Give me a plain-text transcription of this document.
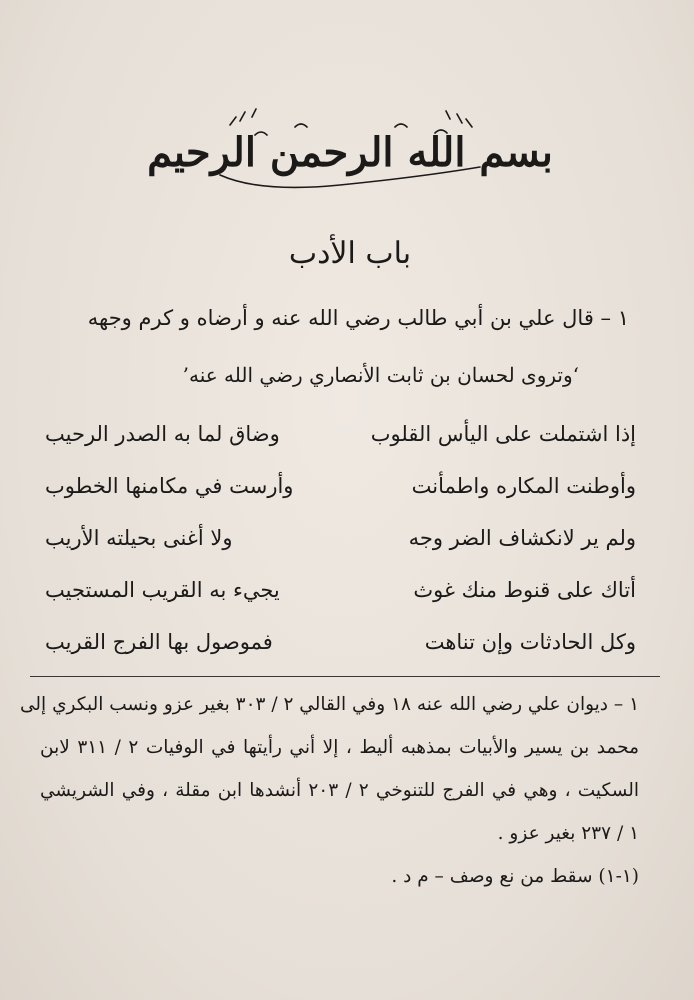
بسم الله الرحمن الرحيم
باب الأدب
١ – قال علي بن أبي طالب رضي الله عنه و أرضاه و كرم وجهه
‘وتروى لحسان بن ثابت الأنصاري رضي الله عنه’
إذا اشتملت على اليأس القلوب
وضاق لما به الصدر الرحيب
وأوطنت المكاره واطمأنت
وأرست في مكامنها الخطوب
ولم ير لانكشاف الضر وجه
ولا أغنى بحيلته الأريب
أتاك على قنوط منك غوث
يجيء به القريب المستجيب
وكل الحادثات وإن تناهت
فموصول بها الفرج القريب
١ – ديوان علي رضي الله عنه ١٨ وفي القالي ٢ / ٣٠٣ بغير عزو ونسب البكري إلى
محمد بن يسير والأبيات بمذهبه أليط ، إلا أني رأيتها في الوفيات ٢ / ٣١١ لابن
السكيت ، وهي في الفرج للتنوخي ٢ / ٢٠٣ أنشدها ابن مقلة ، وفي الشريشي
١ / ٢٣٧ بغير عزو .
(١-١) سقط من نع وصف – م د .
